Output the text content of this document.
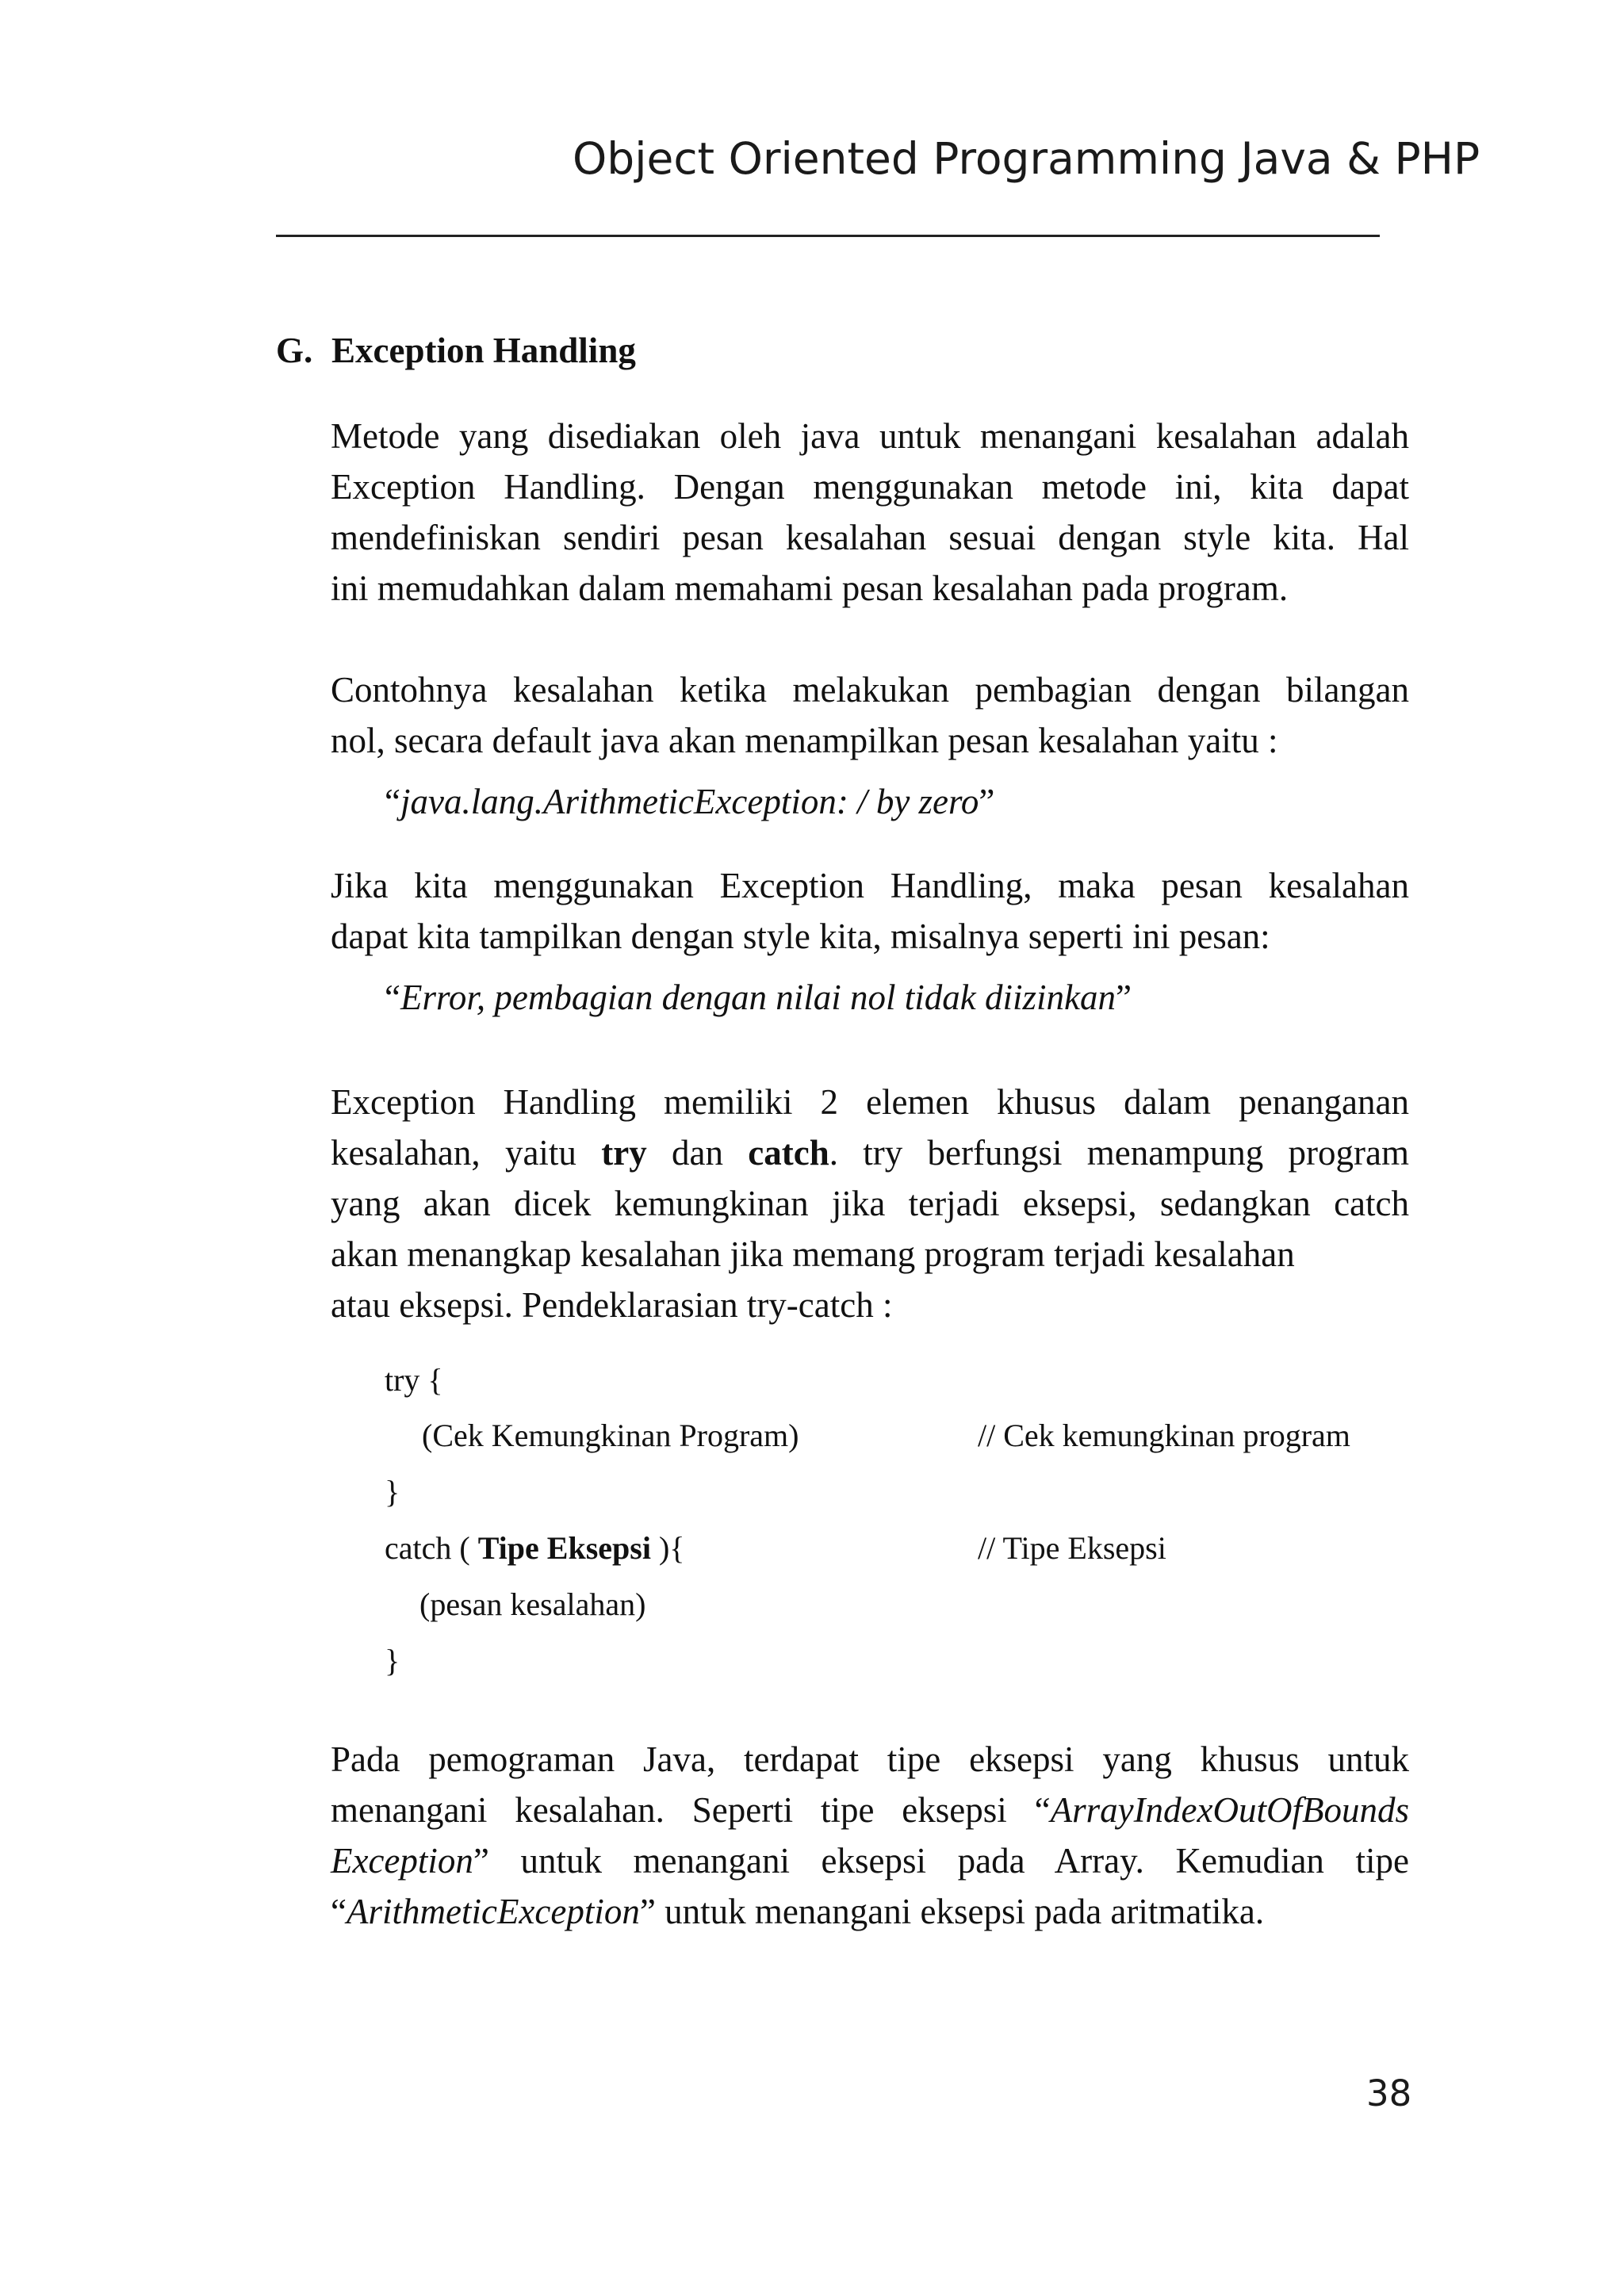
Object Oriented Programming Java & PHP
G. Exception Handling
Metode yang disediakan oleh java untuk menangani kesalahan adalah
Exception Handling. Dengan menggunakan metode ini, kita dapat
mendefiniskan sendiri pesan kesalahan sesuai dengan style kita. Hal
ini memudahkan dalam memahami pesan kesalahan pada program.
Contohnya kesalahan ketika melakukan pembagian dengan bilangan
nol, secara default java akan menampilkan pesan kesalahan yaitu :
“java.lang.ArithmeticException: / by zero”
Jika kita menggunakan Exception Handling, maka pesan kesalahan
dapat kita tampilkan dengan style kita, misalnya seperti ini pesan:
“Error, pembagian dengan nilai nol tidak diizinkan”
Exception Handling memiliki 2 elemen khusus dalam penanganan
kesalahan, yaitu try dan catch. try berfungsi menampung program
yang akan dicek kemungkinan jika terjadi eksepsi, sedangkan catch
akan menangkap kesalahan jika memang program terjadi kesalahan
atau eksepsi. Pendeklarasian try-catch :
try {
(Cek Kemungkinan Program)	// Cek kemungkinan program
}
catch ( Tipe Eksepsi ){	// Tipe Eksepsi
(pesan kesalahan)
}
Pada pemograman Java, terdapat tipe eksepsi yang khusus untuk
menangani kesalahan. Seperti tipe eksepsi “ArrayIndexOutOfBounds
Exception” untuk menangani eksepsi pada Array. Kemudian tipe
“ArithmeticException” untuk menangani eksepsi pada aritmatika.
38
